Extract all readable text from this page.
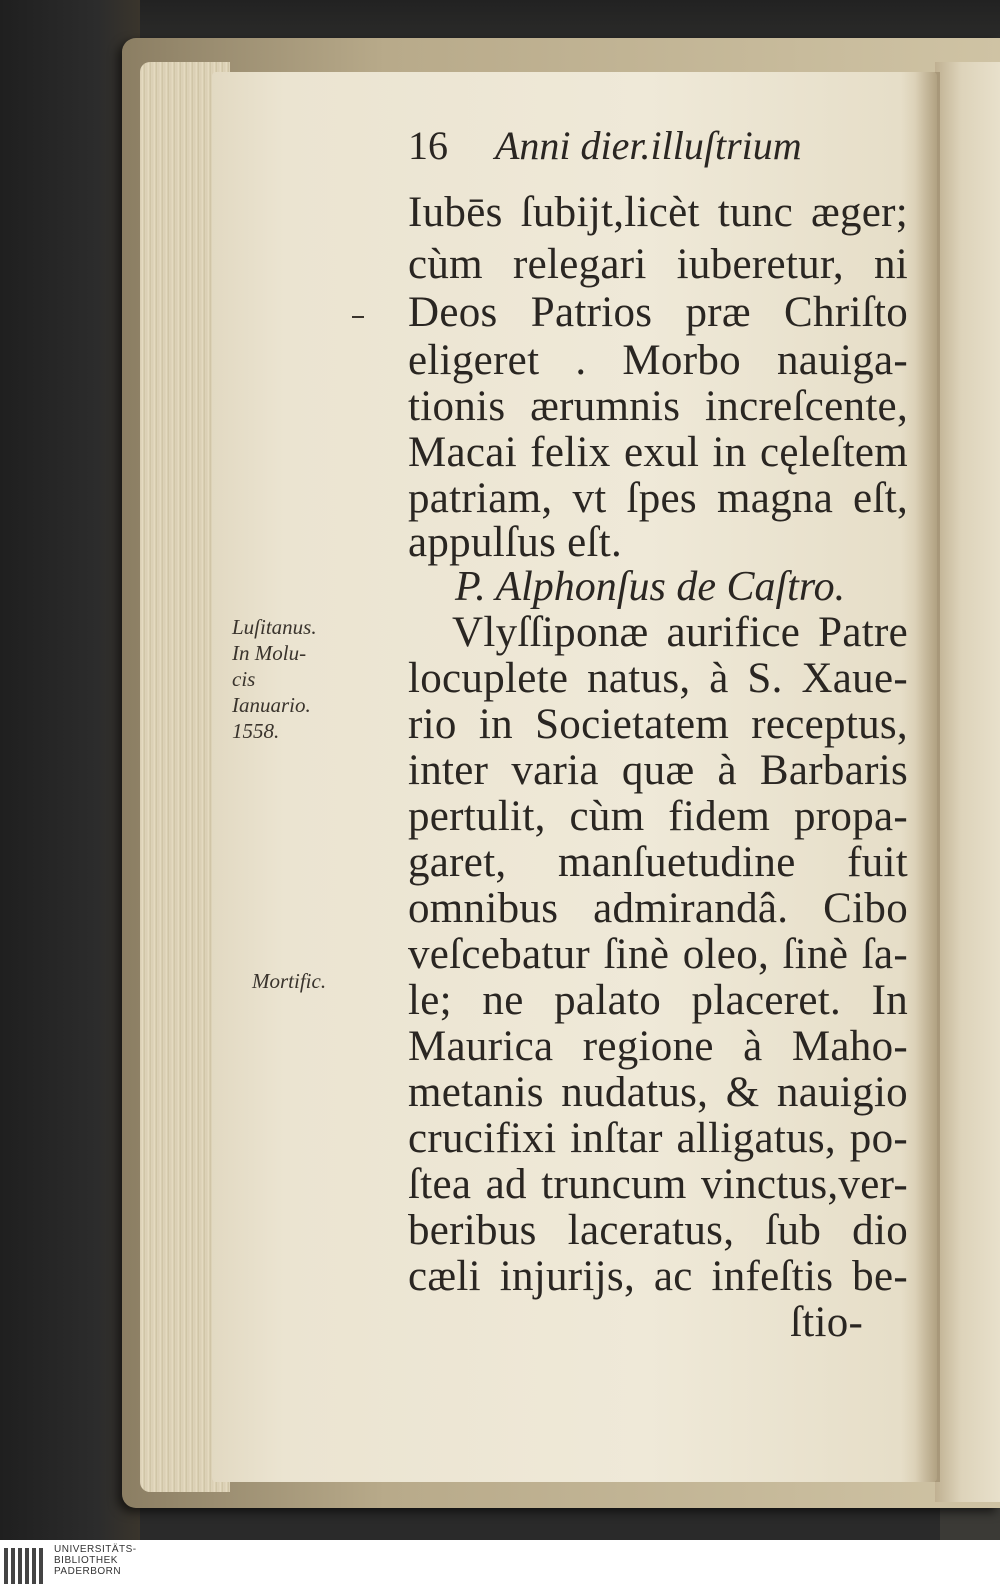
16 Anni dier.illuſtrium
Iubēs ſubijt,licèt tunc æger;
cùm relegari iuberetur, ni
Deos Patrios præ Chriſto
eligeret . Morbo nauiga-
tionis ærumnis increſcente,
Macai felix exul in cęleſtem
patriam, vt ſpes magna eſt,
appulſus eſt.
P. Alphonſus de Caſtro.
Vlyſſiponæ aurifice Patre
locuplete natus, à S. Xaue-
rio in Societatem receptus,
inter varia quæ à Barbaris
pertulit, cùm fidem propa-
garet, manſuetudine fuit
omnibus admirandâ. Cibo
veſcebatur ſinè oleo, ſinè ſa-
le; ne palato placeret. In
Maurica regione à Maho-
metanis nudatus, & nauigio
crucifixi inſtar alligatus, po-
ſtea ad truncum vinctus,ver-
beribus laceratus, ſub dio
cæli injurijs, ac infeſtis be-
ſtio-
Luſitanus.
In Molu-
cis
Ianuario.
1558.
Mortific.
UNIVERSITÄTS-
BIBLIOTHEK
PADERBORN
